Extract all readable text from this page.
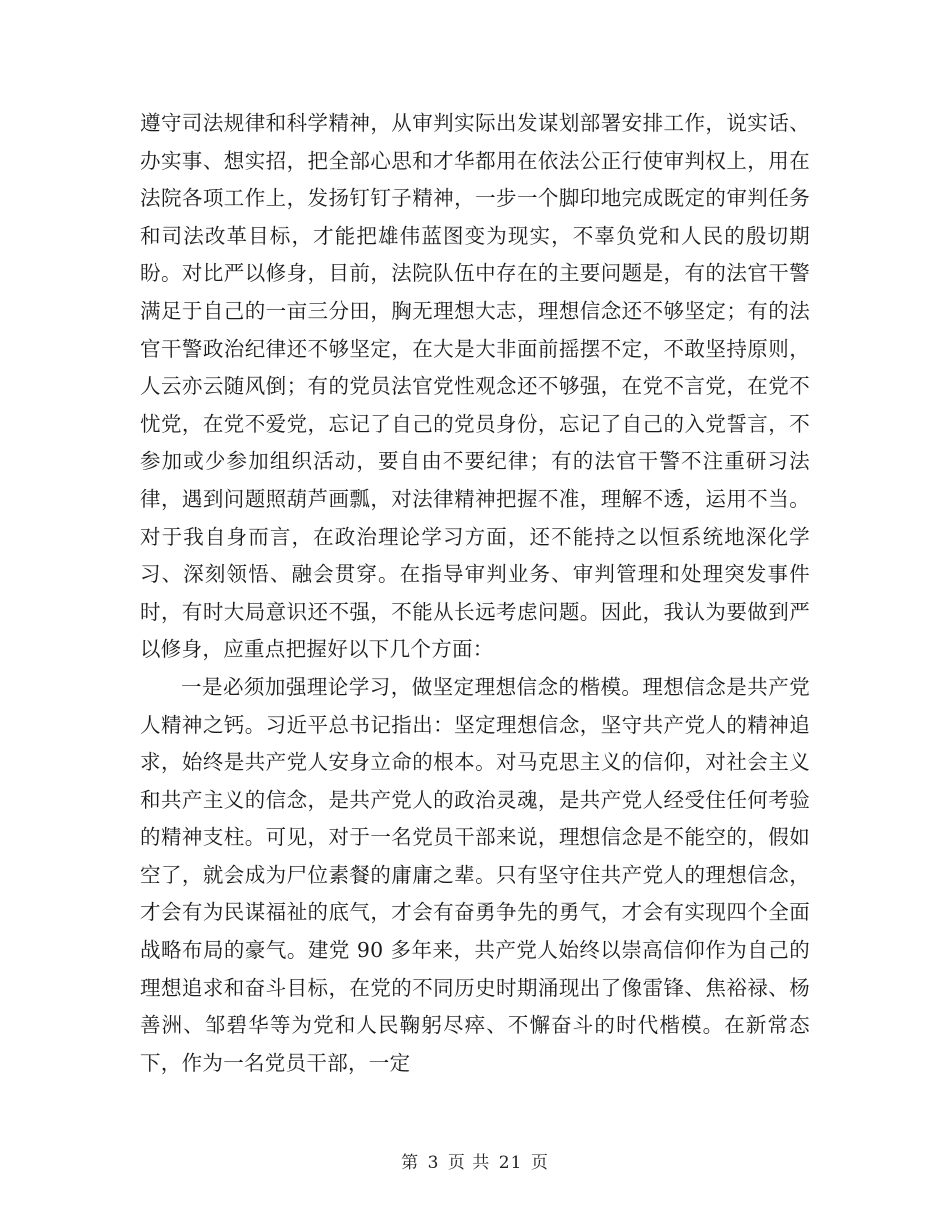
遵守司法规律和科学精神，从审判实际出发谋划部署安排工作，说实话、办实事、想实招，把全部心思和才华都用在依法公正行使审判权上，用在法院各项工作上，发扬钉钉子精神，一步一个脚印地完成既定的审判任务和司法改革目标，才能把雄伟蓝图变为现实，不辜负党和人民的殷切期盼。对比严以修身，目前，法院队伍中存在的主要问题是，有的法官干警满足于自己的一亩三分田，胸无理想大志，理想信念还不够坚定；有的法官干警政治纪律还不够坚定，在大是大非面前摇摆不定，不敢坚持原则，人云亦云随风倒；有的党员法官党性观念还不够强，在党不言党，在党不忧党，在党不爱党，忘记了自己的党员身份，忘记了自己的入党誓言，不参加或少参加组织活动，要自由不要纪律；有的法官干警不注重研习法律，遇到问题照葫芦画瓢，对法律精神把握不准，理解不透，运用不当。对于我自身而言，在政治理论学习方面，还不能持之以恒系统地深化学习、深刻领悟、融会贯穿。在指导审判业务、审判管理和处理突发事件时，有时大局意识还不强，不能从长远考虑问题。因此，我认为要做到严以修身，应重点把握好以下几个方面：

一是必须加强理论学习，做坚定理想信念的楷模。理想信念是共产党人精神之钙。习近平总书记指出：坚定理想信念，坚守共产党人的精神追求，始终是共产党人安身立命的根本。对马克思主义的信仰，对社会主义和共产主义的信念，是共产党人的政治灵魂，是共产党人经受住任何考验的精神支柱。可见，对于一名党员干部来说，理想信念是不能空的，假如空了，就会成为尸位素餐的庸庸之辈。只有坚守住共产党人的理想信念，才会有为民谋福祉的底气，才会有奋勇争先的勇气，才会有实现四个全面战略布局的豪气。建党 90 多年来，共产党人始终以崇高信仰作为自己的理想追求和奋斗目标，在党的不同历史时期涌现出了像雷锋、焦裕禄、杨善洲、邹碧华等为党和人民鞠躬尽瘁、不懈奋斗的时代楷模。在新常态下，作为一名党员干部，一定

第 3 页 共 21 页
